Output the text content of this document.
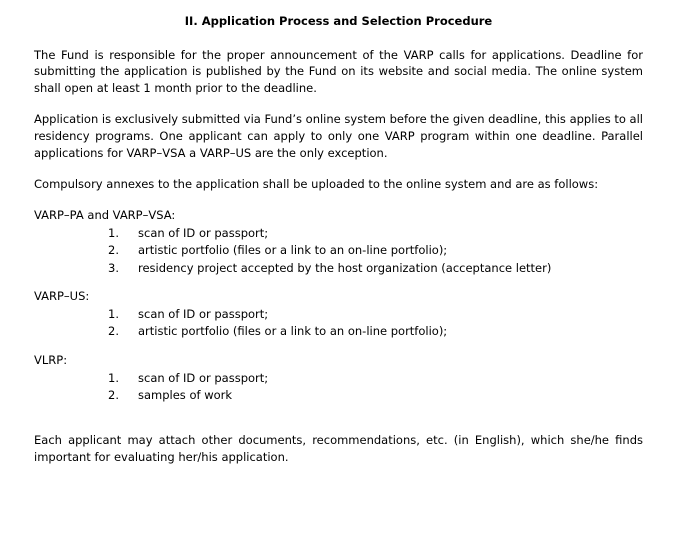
II. Application Process and Selection Procedure

The Fund is responsible for the proper announcement of the VARP calls for applications. Deadline for submitting the application is published by the Fund on its website and social media. The online system shall open at least 1 month prior to the deadline.

Application is exclusively submitted via Fund’s online system before the given deadline, this applies to all residency programs. One applicant can apply to only one VARP program within one deadline. Parallel applications for VARP–VSA a VARP–US are the only exception.

Compulsory annexes to the application shall be uploaded to the online system and are as follows:

VARP–PA and VARP–VSA:

scan of ID or passport;
artistic portfolio (files or a link to an on-line portfolio);
residency project accepted by the host organization (acceptance letter)

VARP–US:

scan of ID or passport;
artistic portfolio (files or a link to an on-line portfolio);

VLRP:

scan of ID or passport;
samples of work

Each applicant may attach other documents, recommendations, etc. (in English), which she/he finds important for evaluating her/his application.
